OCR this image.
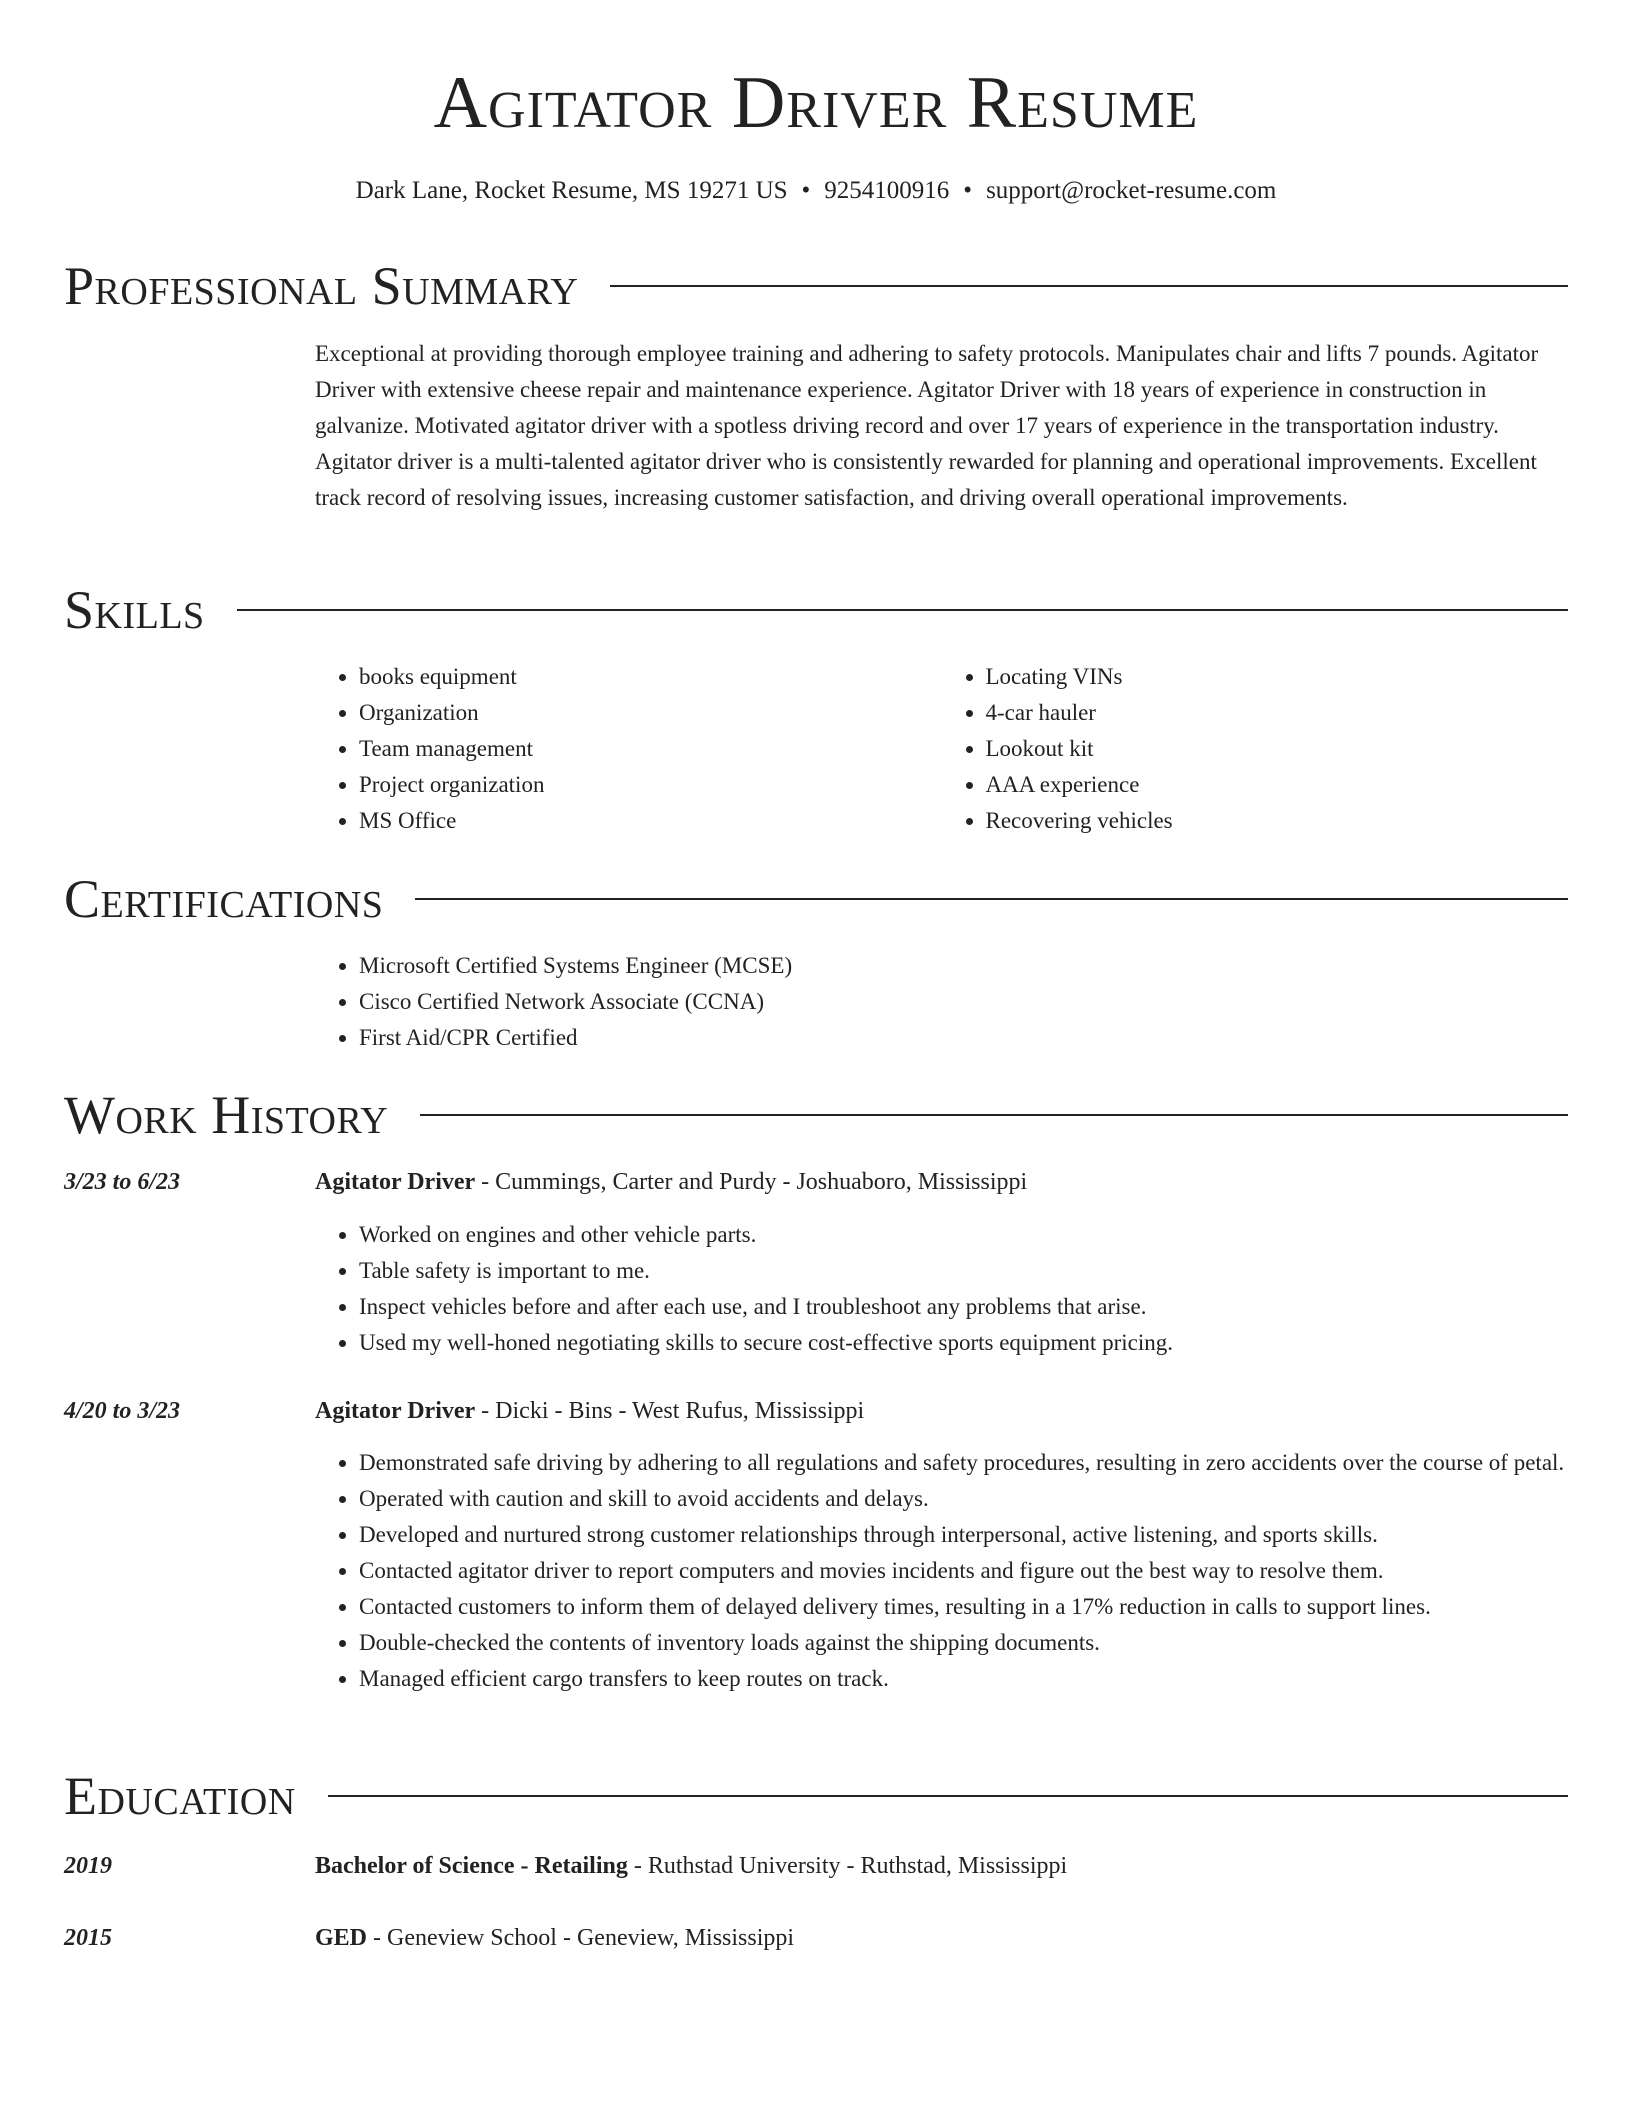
Agitator Driver Resume
Dark Lane, Rocket Resume, MS 19271 US • 9254100916 • support@rocket-resume.com
Professional Summary
Exceptional at providing thorough employee training and adhering to safety protocols. Manipulates chair and lifts 7 pounds. Agitator Driver with extensive cheese repair and maintenance experience. Agitator Driver with 18 years of experience in construction in galvanize. Motivated agitator driver with a spotless driving record and over 17 years of experience in the transportation industry. Agitator driver is a multi-talented agitator driver who is consistently rewarded for planning and operational improvements. Excellent track record of resolving issues, increasing customer satisfaction, and driving overall operational improvements.
Skills
• books equipment
• Organization
• Team management
• Project organization
• MS Office
• Locating VINs
• 4-car hauler
• Lookout kit
• AAA experience
• Recovering vehicles
Certifications
• Microsoft Certified Systems Engineer (MCSE)
• Cisco Certified Network Associate (CCNA)
• First Aid/CPR Certified
Work History
3/23 to 6/23	Agitator Driver - Cummings, Carter and Purdy - Joshuaboro, Mississippi
• Worked on engines and other vehicle parts.
• Table safety is important to me.
• Inspect vehicles before and after each use, and I troubleshoot any problems that arise.
• Used my well-honed negotiating skills to secure cost-effective sports equipment pricing.
4/20 to 3/23	Agitator Driver - Dicki - Bins - West Rufus, Mississippi
• Demonstrated safe driving by adhering to all regulations and safety procedures, resulting in zero accidents over the course of petal.
• Operated with caution and skill to avoid accidents and delays.
• Developed and nurtured strong customer relationships through interpersonal, active listening, and sports skills.
• Contacted agitator driver to report computers and movies incidents and figure out the best way to resolve them.
• Contacted customers to inform them of delayed delivery times, resulting in a 17% reduction in calls to support lines.
• Double-checked the contents of inventory loads against the shipping documents.
• Managed efficient cargo transfers to keep routes on track.
Education
2019	Bachelor of Science - Retailing - Ruthstad University - Ruthstad, Mississippi
2015	GED - Geneview School - Geneview, Mississippi
